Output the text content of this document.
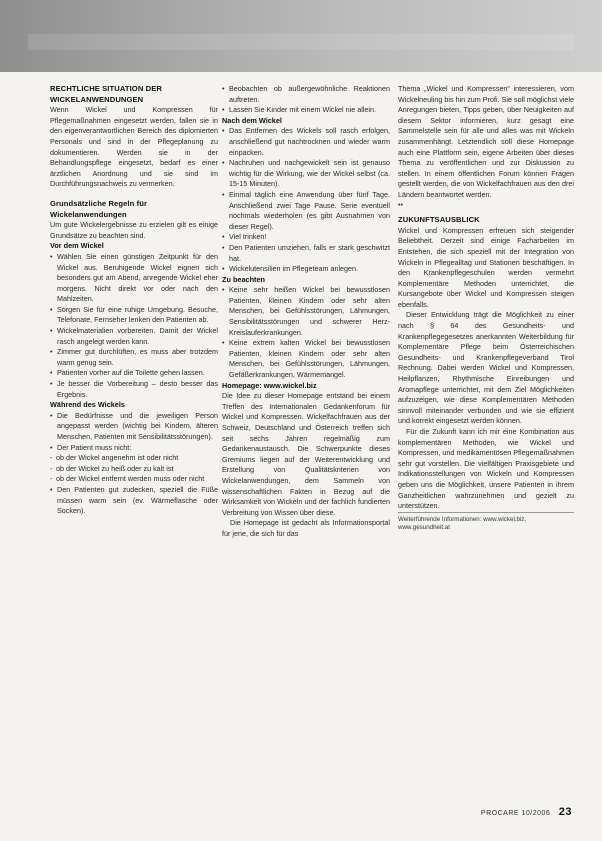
RECHTLICHE SITUATION DER
WICKELANWENDUNGEN

Wenn Wickel und Kompressen für Pflegemaßnahmen eingesetzt werden, fallen sie in den eigenverantwortlichen Bereich des diplomierten Personals und sind in der Pflegeplanung zu dokumentieren. Werden sie in der Behandlungspflege eingesetzt, bedarf es einer ärztlichen Anordnung und sie sind im Durchführungsnachweis zu vermerken.

Grundsätzliche Regeln für
Wickelanwendungen

Um gute Wickelergebnisse zu erzielen gilt es einige Grundsätze zu beachten sind.

Vor dem Wickel
• Wählen Sie einen günstigen Zeitpunkt für den Wickel aus. Beruhigende Wickel eignen sich besonders gut am Abend, anregende Wickel eher morgens. Nicht direkt vor oder nach den Mahlzeiten.
• Sorgen Sie für eine ruhige Umgebung. Besuche, Telefonate, Fernseher lenken den Patienten ab.
• Wickelmaterialien vorbereiten. Damit der Wickel rasch angelegt werden kann.
• Zimmer gut durchlüften, es muss aber trotzdem warm genug sein.
• Patienten vorher auf die Toilette gehen lassen.
• Je besser die Vorbereitung – desto besser das Ergebnis.
Während des Wickels
• Die Bedürfnisse und die jeweiligen Person angepasst werden (wichtig bei Kindern, älteren Menschen, Patienten mit Sensibilitätsstörungen).
• Der Patient muss nicht:
- ob der Wickel angenehm ist oder nicht
- ob der Wickel zu heiß oder zu kalt ist
- ob der Wickel entfernt werden muss oder nicht
• Den Patienten gut zudecken, speziell die Füße müssen warm sein (ev. Wärmeflasche oder Socken).
• Beobachten ob außergewöhnliche Reaktionen auftreten.
• Lassen Sie Kinder mit einem Wickel nie allein.
Nach dem Wickel
• Das Entfernen des Wickels soll rasch erfolgen, anschließend gut nachtrocknen und wieder warm einpacken.
• Nachruhen und nachgewickelt sein ist genauso wichtig für die Wirkung, wie der Wickel selbst (ca. 15-15 Minuten).
• Einmal täglich eine Anwendung über fünf Tage. Anschließend zwei Tage Pause. Serie eventuell nochmals wiederholen (es gibt Ausnahmen von dieser Regel).
• Viel trinken!
• Den Patienten umziehen, falls er stark geschwitzt hat.
• Wickelutensilien im Pflegeteam anlegen.
Zu beachten
• Keine sehr heißen Wickel bei bewusstlosen Patienten, kleinen Kindern oder sehr alten Menschen, bei Gefühlsstörungen, Lähmungen, Sensibilitätsstörungen und schwerer Herz-Kreislauferkrankungen.
• Keine extrem kalten Wickel bei bewusstlosen Patienten, kleinen Kindern oder sehr alten Menschen, bei Gefühlsstörungen, Lähmungen, Gefäßerkrankungen, Wärmemangel.
Homepage: www.wickel.biz

Die Idee zu dieser Homepage entstand bei einem Treffen des Internationalen Gedankenforum für Wickel und Kompressen. Wickelfachfrauen aus der Schweiz, Deutschland und Österreich treffen sich seit sechs Jahren regelmäßig zum Gedankenaustausch. Die Schwerpunkte dieses Gremiums liegen auf der Weiterentwicklung und Erstellung von Qualitätskriterien von Wickelanwendungen, dem Sammeln von wissenschaftlichen Fakten in Bezug auf die Wirksamkeit von Wickeln und der fachlich fundierten Verbreitung von Wissen über diese.

Die Homepage ist gedacht als Informationsportal für jene, die sich für das

Thema „Wickel und Kompressen“ interessieren, vom Wickelneuling bis hin zum Profi. Sie soll möglichst viele Anregungen bieten, Tipps geben, über Neuigkeiten auf diesem Sektor informieren, kurz gesagt eine Sammelstelle sein für alle und alles was mit Wickeln zusammenhängt. Letztendlich soll diese Homepage auch eine Plattform sein, eigene Arbeiten über dieses Thema zu veröffentlichen und zur Diskussion zu stellen. In einem öffentlichen Forum können Fragen gestellt werden, die von Wickelfachfrauen aus den drei Ländern beantwortet werden.

••
ZUKUNFTSAUSBLICK

Wickel und Kompressen erfreuen sich steigender Beliebtheit. Derzeit sind einige Facharbeiten im Entstehen, die sich speziell mit der Integration von Wickeln in Pflegealltag und Stationen beschäftigen. In den Krankenpflegeschulen werden vermehrt Komplementäre Methoden unterrichtet, die Kursangebote über Wickel und Kompressen steigen ebenfalls.

Dieser Entwicklung trägt die Möglichkeit zu einer nach § 64 des Gesundheits- und Krankenpflegegesetzes anerkannten Weiterbildung für Komplementäre Pflege beim Österreichischen Gesundheits- und Krankenpflegeverband Tirol Rechnung. Dabei werden Wickel und Kompressen, Heilpflanzen, Rhythmische Einreibungen und Aromapflege unterrichtet, mit dem Ziel Möglichkeiten aufzuzeigen, wie diese Komplementären Methoden sinnvoll miteinander verbunden und wie sie effizient und korrekt eingesetzt werden können.

Für die Zukunft kann ich mir eine Kombination aus komplementären Methoden, wie Wickel und Kompressen, und medikamentösen Pflegemaßnahmen sehr gut vorstellen. Die vielfältigen Praxisgebiete und Indikationsstellungen von Wickeln und Kompressen geben uns die Möglichkeit, unsere Patienten in ihrem Ganzheitlichen wahrzunehmen und gezielt zu unterstützen.

Weiterführende Informationen: www.wickel.biz, www.gesundheit.at
PROCARE 10/2006 23
